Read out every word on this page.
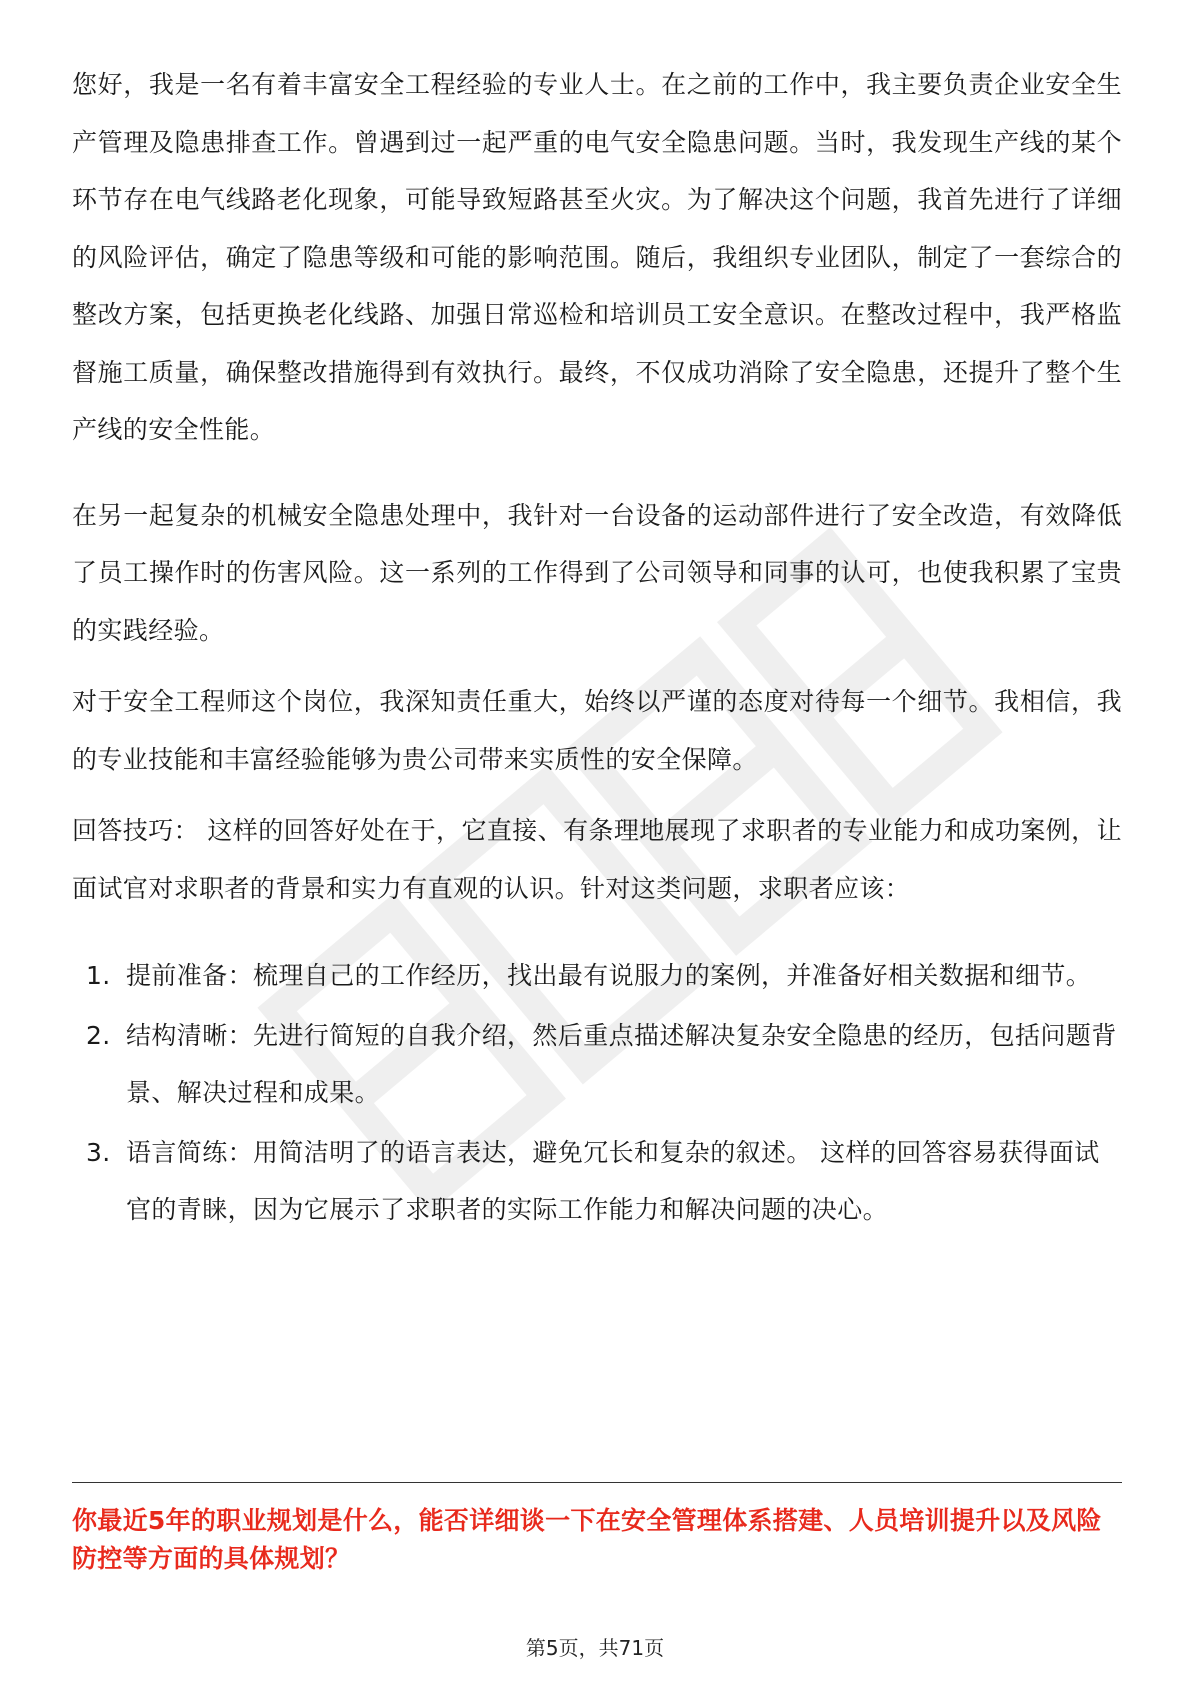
您好，我是一名有着丰富安全工程经验的专业人士。在之前的工作中，我主要负责企业安全生产管理及隐患排查工作。曾遇到过一起严重的电气安全隐患问题。当时，我发现生产线的某个环节存在电气线路老化现象，可能导致短路甚至火灾。为了解决这个问题，我首先进行了详细的风险评估，确定了隐患等级和可能的影响范围。随后，我组织专业团队，制定了一套综合的整改方案，包括更换老化线路、加强日常巡检和培训员工安全意识。在整改过程中，我严格监督施工质量，确保整改措施得到有效执行。最终，不仅成功消除了安全隐患，还提升了整个生产线的安全性能。

在另一起复杂的机械安全隐患处理中，我针对一台设备的运动部件进行了安全改造，有效降低了员工操作时的伤害风险。这一系列的工作得到了公司领导和同事的认可，也使我积累了宝贵的实践经验。

对于安全工程师这个岗位，我深知责任重大，始终以严谨的态度对待每一个细节。我相信，我的专业技能和丰富经验能够为贵公司带来实质性的安全保障。

回答技巧： 这样的回答好处在于，它直接、有条理地展现了求职者的专业能力和成功案例，让面试官对求职者的背景和实力有直观的认识。针对这类问题，求职者应该：

1. 提前准备：梳理自己的工作经历，找出最有说服力的案例，并准备好相关数据和细节。
2. 结构清晰：先进行简短的自我介绍，然后重点描述解决复杂安全隐患的经历，包括问题背景、解决过程和成果。
3. 语言简练：用简洁明了的语言表达，避免冗长和复杂的叙述。 这样的回答容易获得面试官的青睐，因为它展示了求职者的实际工作能力和解决问题的决心。

你最近5年的职业规划是什么，能否详细谈一下在安全管理体系搭建、人员培训提升以及风险防控等方面的具体规划？

第5页，共71页
